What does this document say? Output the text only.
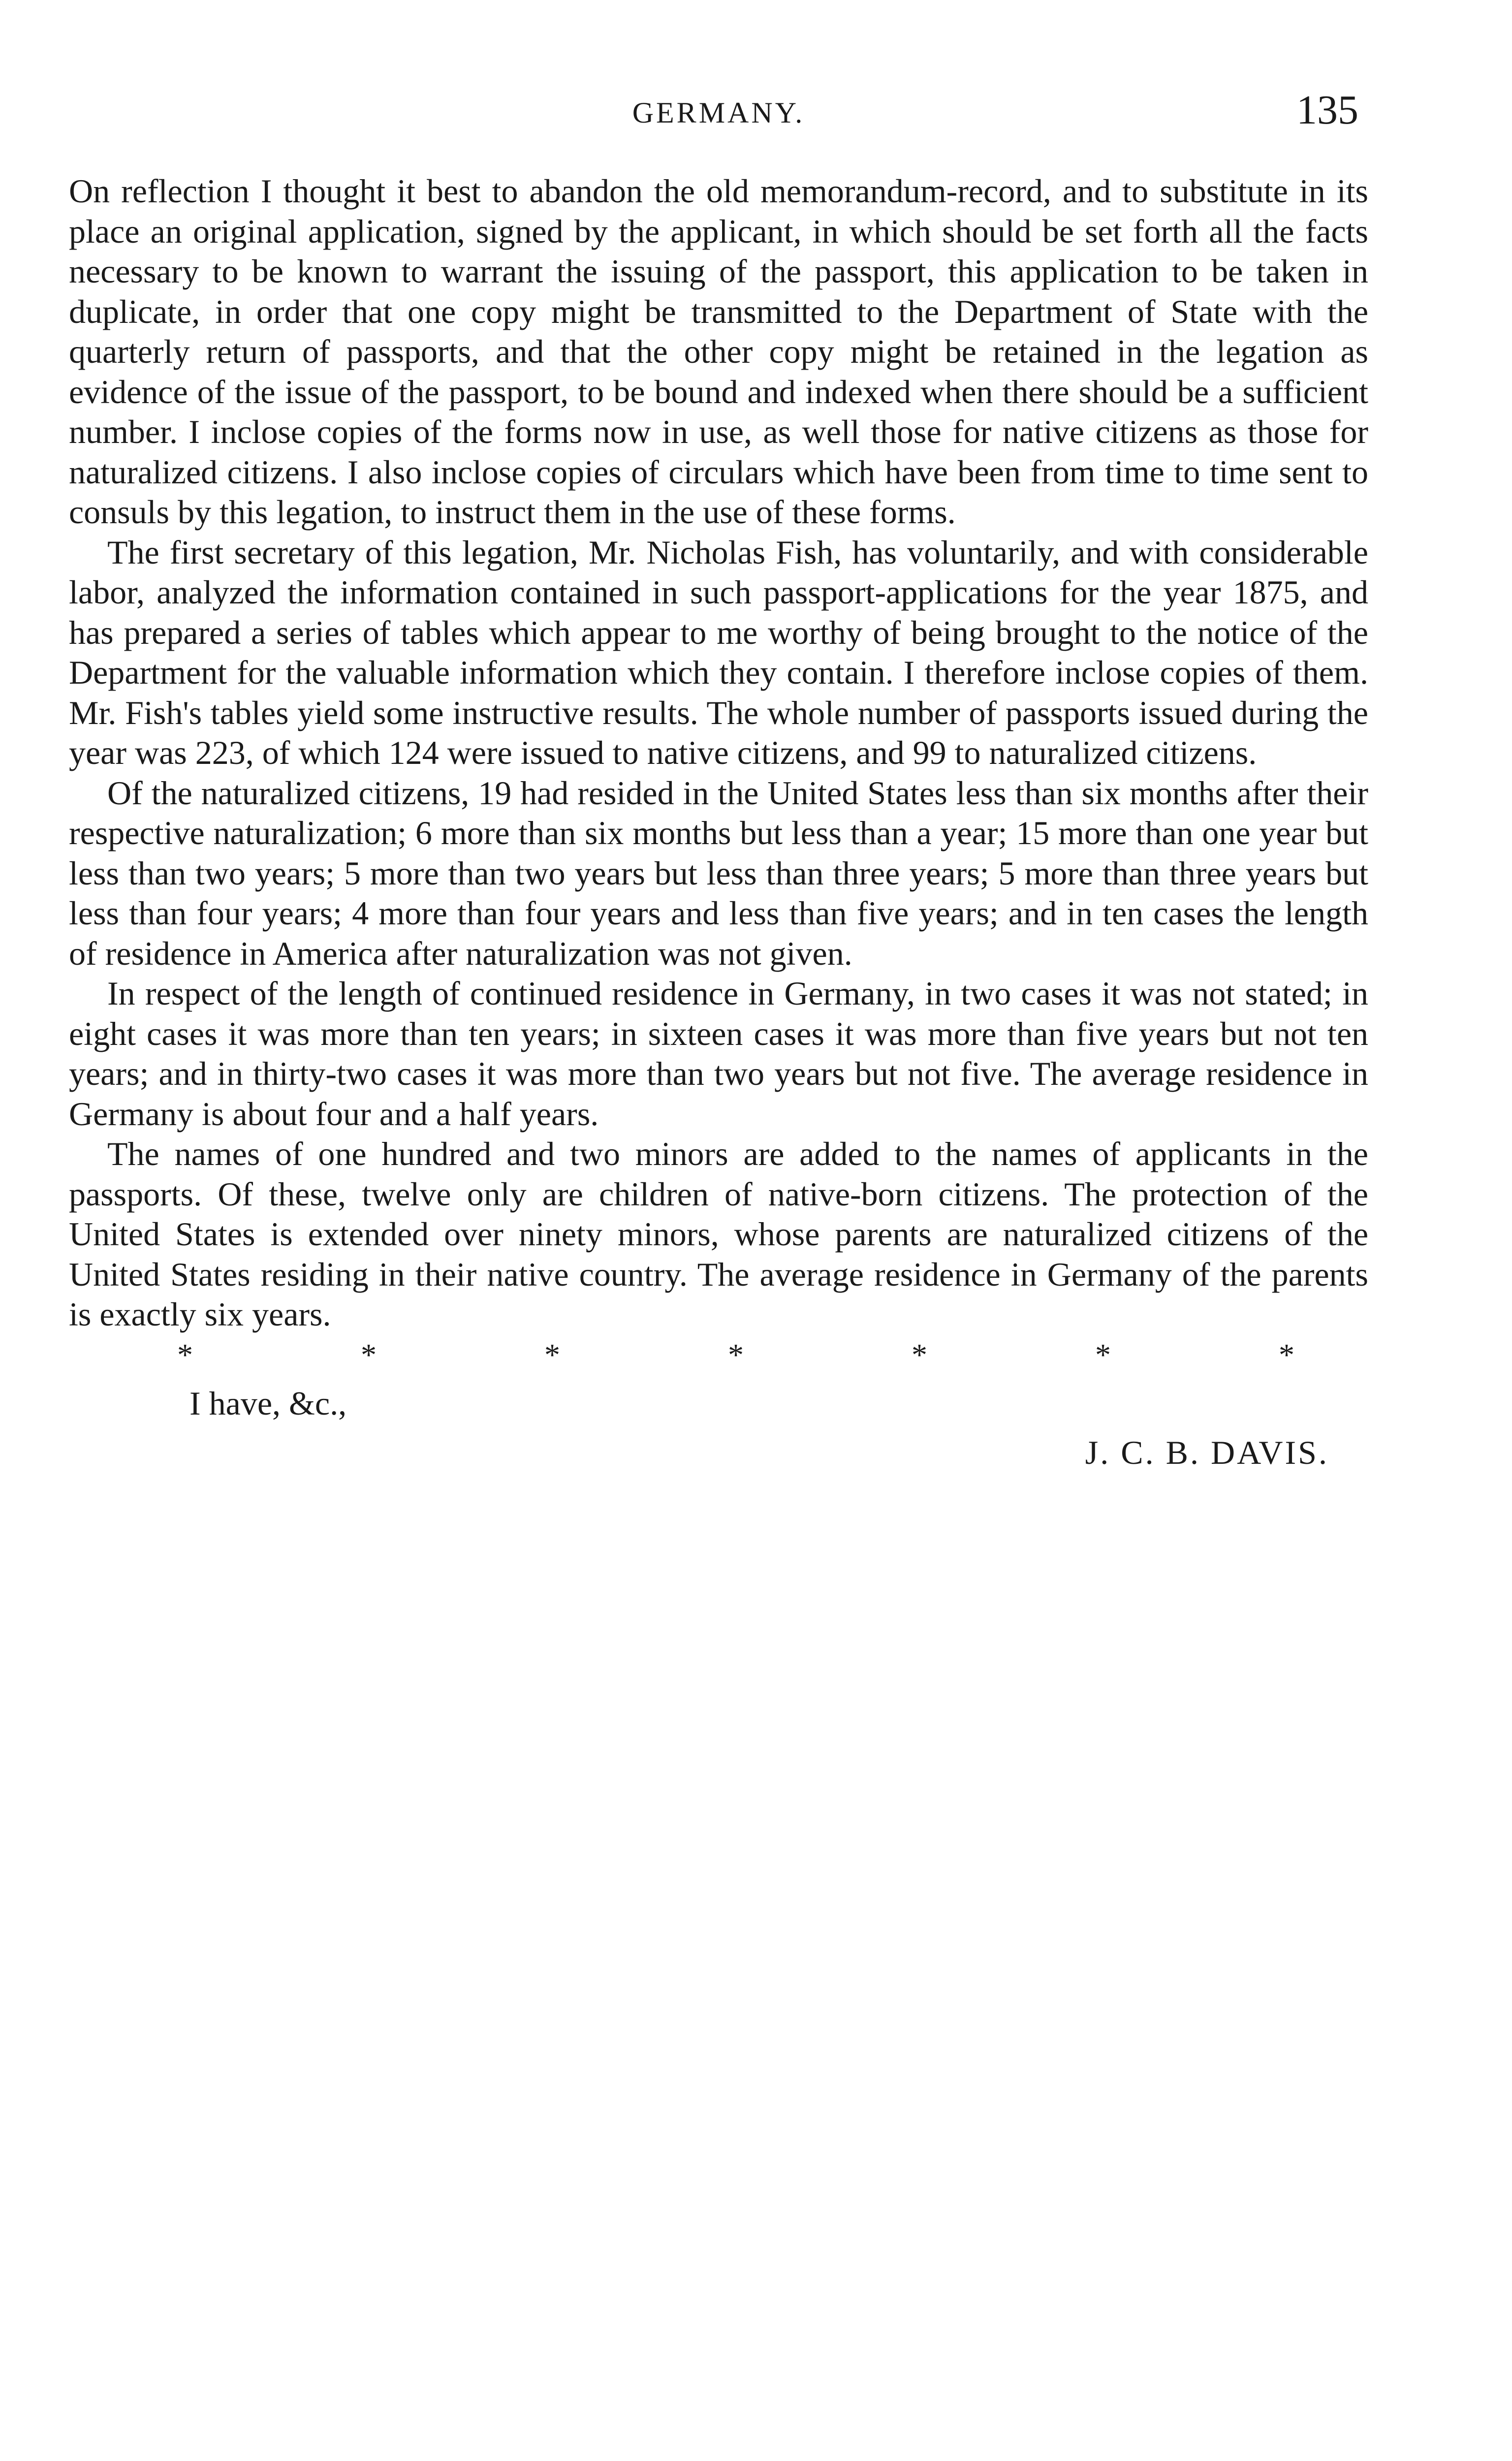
GERMANY.	135

On reflection I thought it best to abandon the old memorandum-record, and to substitute in its place an original application, signed by the applicant, in which should be set forth all the facts necessary to be known to warrant the issuing of the passport, this application to be taken in duplicate, in order that one copy might be transmitted to the Department of State with the quarterly return of passports, and that the other copy might be retained in the legation as evidence of the issue of the passport, to be bound and indexed when there should be a sufficient number. I inclose copies of the forms now in use, as well those for native citizens as those for naturalized citizens. I also inclose copies of circulars which have been from time to time sent to consuls by this legation, to instruct them in the use of these forms.

The first secretary of this legation, Mr. Nicholas Fish, has voluntarily, and with considerable labor, analyzed the information contained in such passport-applications for the year 1875, and has prepared a series of tables which appear to me worthy of being brought to the notice of the Department for the valuable information which they contain. I therefore inclose copies of them. Mr. Fish's tables yield some instructive results. The whole number of passports issued during the year was 223, of which 124 were issued to native citizens, and 99 to naturalized citizens.

Of the naturalized citizens, 19 had resided in the United States less than six months after their respective naturalization; 6 more than six months but less than a year; 15 more than one year but less than two years; 5 more than two years but less than three years; 5 more than three years but less than four years; 4 more than four years and less than five years; and in ten cases the length of residence in America after naturalization was not given.

In respect of the length of continued residence in Germany, in two cases it was not stated; in eight cases it was more than ten years; in sixteen cases it was more than five years but not ten years; and in thirty-two cases it was more than two years but not five. The average residence in Germany is about four and a half years.

The names of one hundred and two minors are added to the names of applicants in the passports. Of these, twelve only are children of native-born citizens. The protection of the United States is extended over ninety minors, whose parents are naturalized citizens of the United States residing in their native country. The average residence in Germany of the parents is exactly six years.

*	*	*	*	*	*	*
I have, &c.,
J. C. B. DAVIS.
